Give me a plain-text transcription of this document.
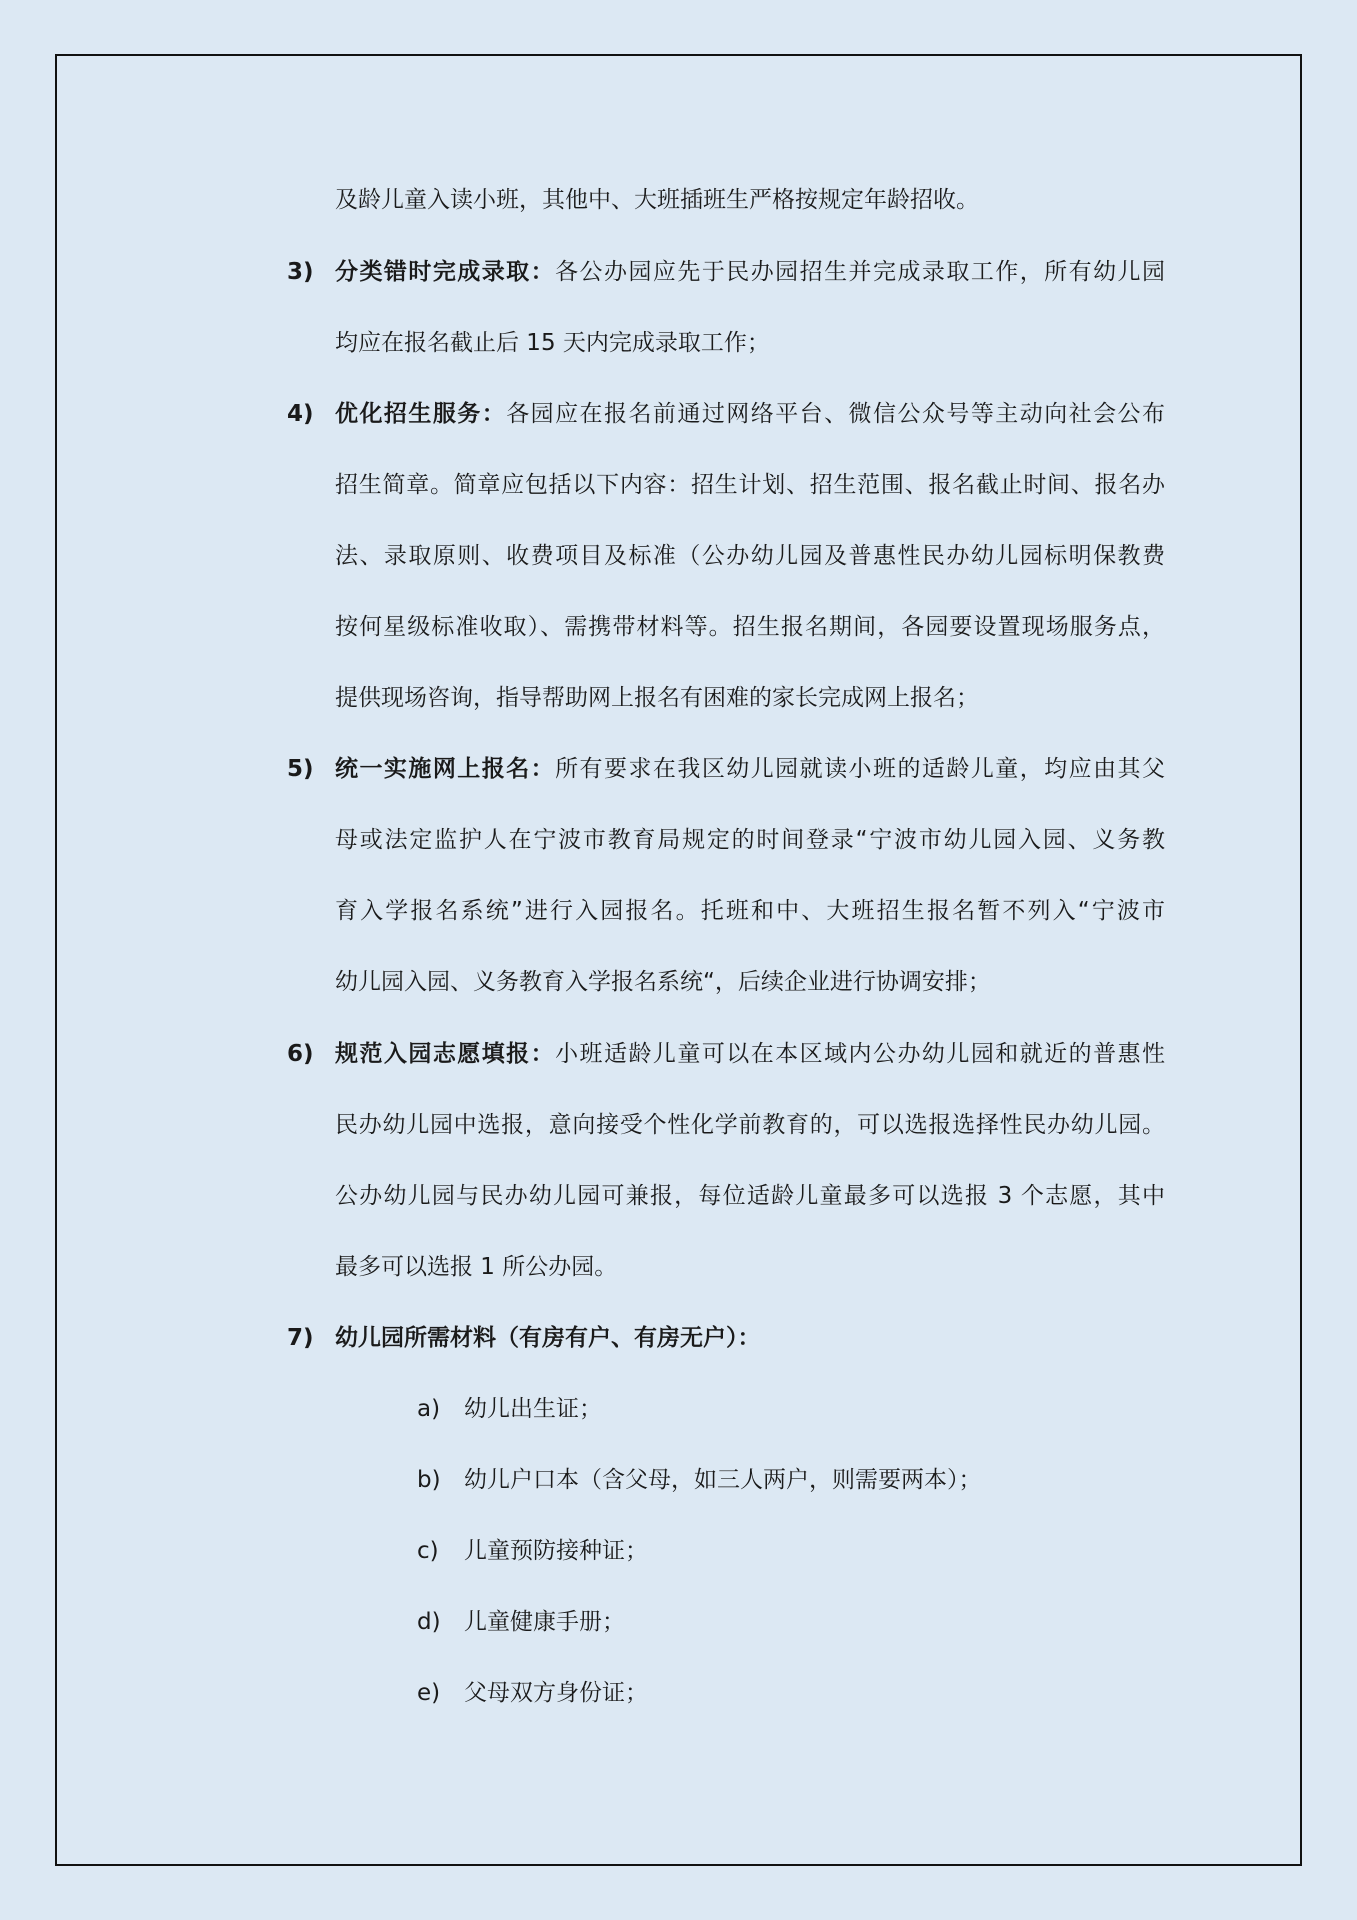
及龄儿童入读小班，其他中、大班插班生严格按规定年龄招收。
3) 分类错时完成录取：各公办园应先于民办园招生并完成录取工作，所有幼儿园
均应在报名截止后 15 天内完成录取工作；
4) 优化招生服务：各园应在报名前通过网络平台、微信公众号等主动向社会公布
招生简章。简章应包括以下内容：招生计划、招生范围、报名截止时间、报名办
法、录取原则、收费项目及标准（公办幼儿园及普惠性民办幼儿园标明保教费
按何星级标准收取）、需携带材料等。招生报名期间，各园要设置现场服务点，
提供现场咨询，指导帮助网上报名有困难的家长完成网上报名；
5) 统一实施网上报名：所有要求在我区幼儿园就读小班的适龄儿童，均应由其父
母或法定监护人在宁波市教育局规定的时间登录“宁波市幼儿园入园、义务教
育入学报名系统”进行入园报名。托班和中、大班招生报名暂不列入“宁波市
幼儿园入园、义务教育入学报名系统“，后续企业进行协调安排；
6) 规范入园志愿填报：小班适龄儿童可以在本区域内公办幼儿园和就近的普惠性
民办幼儿园中选报，意向接受个性化学前教育的，可以选报选择性民办幼儿园。
公办幼儿园与民办幼儿园可兼报，每位适龄儿童最多可以选报 3 个志愿，其中
最多可以选报 1 所公办园。
7) 幼儿园所需材料（有房有户、有房无户）：
a) 幼儿出生证；
b) 幼儿户口本（含父母，如三人两户，则需要两本）；
c) 儿童预防接种证；
d) 儿童健康手册；
e) 父母双方身份证；
